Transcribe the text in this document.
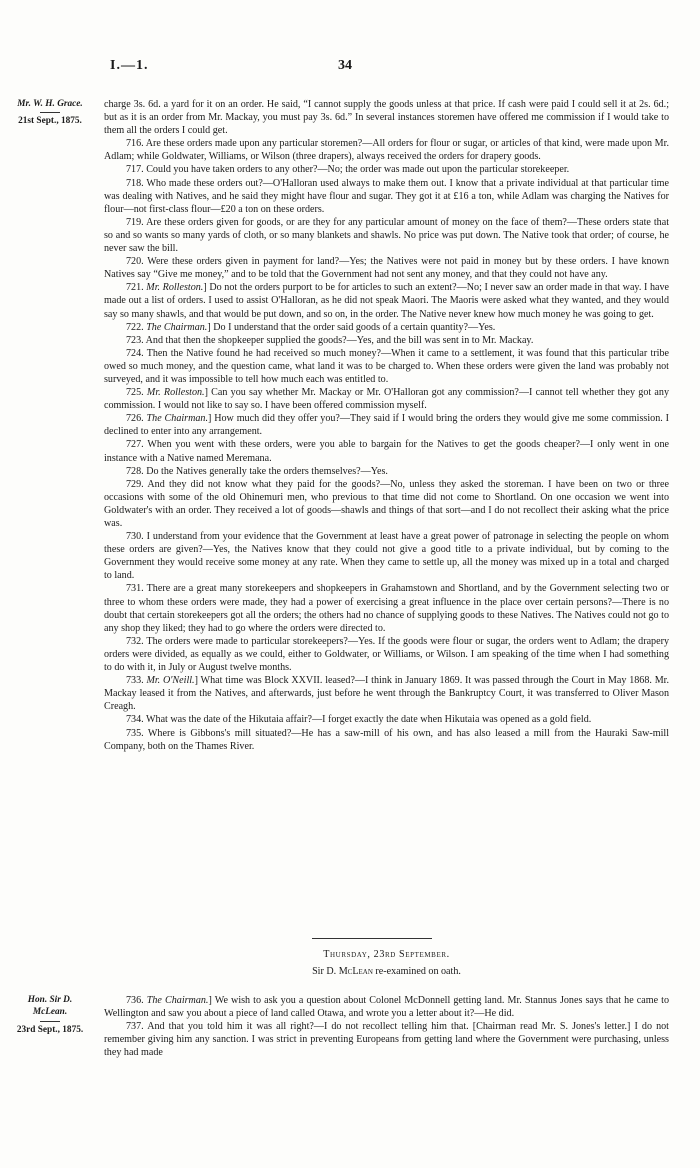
I.—1.	34
Mr. W. H. Grace.
21st Sept., 1875.

charge 3s. 6d. a yard for it on an order. He said, “I cannot supply the goods unless at that price. If cash were paid I could sell it at 2s. 6d.; but as it is an order from Mr. Mackay, you must pay 3s. 6d.” In several instances storemen have offered me commission if I would take to them all the orders I could get.

716. Are these orders made upon any particular storemen?—All orders for flour or sugar, or articles of that kind, were made upon Mr. Adlam; while Goldwater, Williams, or Wilson (three drapers), always received the orders for drapery goods.

717. Could you have taken orders to any other?—No; the order was made out upon the particular storekeeper.

718. Who made these orders out?—O'Halloran used always to make them out. I know that a private individual at that particular time was dealing with Natives, and he said they might have flour and sugar. They got it at £16 a ton, while Adlam was charging the Natives for flour—not first-class flour—£20 a ton on these orders.

719. Are these orders given for goods, or are they for any particular amount of money on the face of them?—These orders state that so and so wants so many yards of cloth, or so many blankets and shawls. No price was put down. The Native took that order; of course, he never saw the bill.

720. Were these orders given in payment for land?—Yes; the Natives were not paid in money but by these orders. I have known Natives say “Give me money,” and to be told that the Government had not sent any money, and that they could not have any.

721. Mr. Rolleston.] Do not the orders purport to be for articles to such an extent?—No; I never saw an order made in that way. I have made out a list of orders. I used to assist O'Halloran, as he did not speak Maori. The Maoris were asked what they wanted, and they would say so many shawls, and that would be put down, and so on, in the order. The Native never knew how much money he was going to get.

722. The Chairman.] Do I understand that the order said goods of a certain quantity?—Yes.

723. And that then the shopkeeper supplied the goods?—Yes, and the bill was sent in to Mr. Mackay.

724. Then the Native found he had received so much money?—When it came to a settlement, it was found that this particular tribe owed so much money, and the question came, what land it was to be charged to. When these orders were given the land was probably not surveyed, and it was impossible to tell how much each was entitled to.

725. Mr. Rolleston.] Can you say whether Mr. Mackay or Mr. O'Halloran got any commission?—I cannot tell whether they got any commission. I would not like to say so. I have been offered commission myself.

726. The Chairman.] How much did they offer you?—They said if I would bring the orders they would give me some commission. I declined to enter into any arrangement.

727. When you went with these orders, were you able to bargain for the Natives to get the goods cheaper?—I only went in one instance with a Native named Meremana.

728. Do the Natives generally take the orders themselves?—Yes.

729. And they did not know what they paid for the goods?—No, unless they asked the storeman. I have been on two or three occasions with some of the old Ohinemuri men, who previous to that time did not come to Shortland. On one occasion we went into Goldwater's with an order. They received a lot of goods—shawls and things of that sort—and I do not recollect their asking what the price was.

730. I understand from your evidence that the Government at least have a great power of patronage in selecting the people on whom these orders are given?—Yes, the Natives know that they could not give a good title to a private individual, but by coming to the Government they would receive some money at any rate. When they came to settle up, all the money was mixed up in a total and charged to land.

731. There are a great many storekeepers and shopkeepers in Grahamstown and Shortland, and by the Government selecting two or three to whom these orders were made, they had a power of exercising a great influence in the place over certain persons?—There is no doubt that certain storekeepers got all the orders; the others had no chance of supplying goods to these Natives. The Natives could not go to any shop they liked; they had to go where the orders were directed to.

732. The orders were made to particular storekeepers?—Yes. If the goods were flour or sugar, the orders went to Adlam; the drapery orders were divided, as equally as we could, either to Goldwater, or Williams, or Wilson. I am speaking of the time when I had something to do with it, in July or August twelve months.

733. Mr. O'Neill.] What time was Block XXVII. leased?—I think in January 1869. It was passed through the Court in May 1868. Mr. Mackay leased it from the Natives, and afterwards, just before he went through the Bankruptcy Court, it was transferred to Oliver Mason Creagh.

734. What was the date of the Hikutaia affair?—I forget exactly the date when Hikutaia was opened as a gold field.

735. Where is Gibbons's mill situated?—He has a saw-mill of his own, and has also leased a mill from the Hauraki Saw-mill Company, both on the Thames River.

Thursday, 23rd September.
Sir D. McLean re-examined on oath.
Hon. Sir D.
McLean.
23rd Sept., 1875.

736. The Chairman.] We wish to ask you a question about Colonel McDonnell getting land. Mr. Stannus Jones says that he came to Wellington and saw you about a piece of land called Otawa, and wrote you a letter about it?—He did.

737. And that you told him it was all right?—I do not recollect telling him that. [Chairman read Mr. S. Jones's letter.] I do not remember giving him any sanction. I was strict in preventing Europeans from getting land where the Government were purchasing, unless they had made
